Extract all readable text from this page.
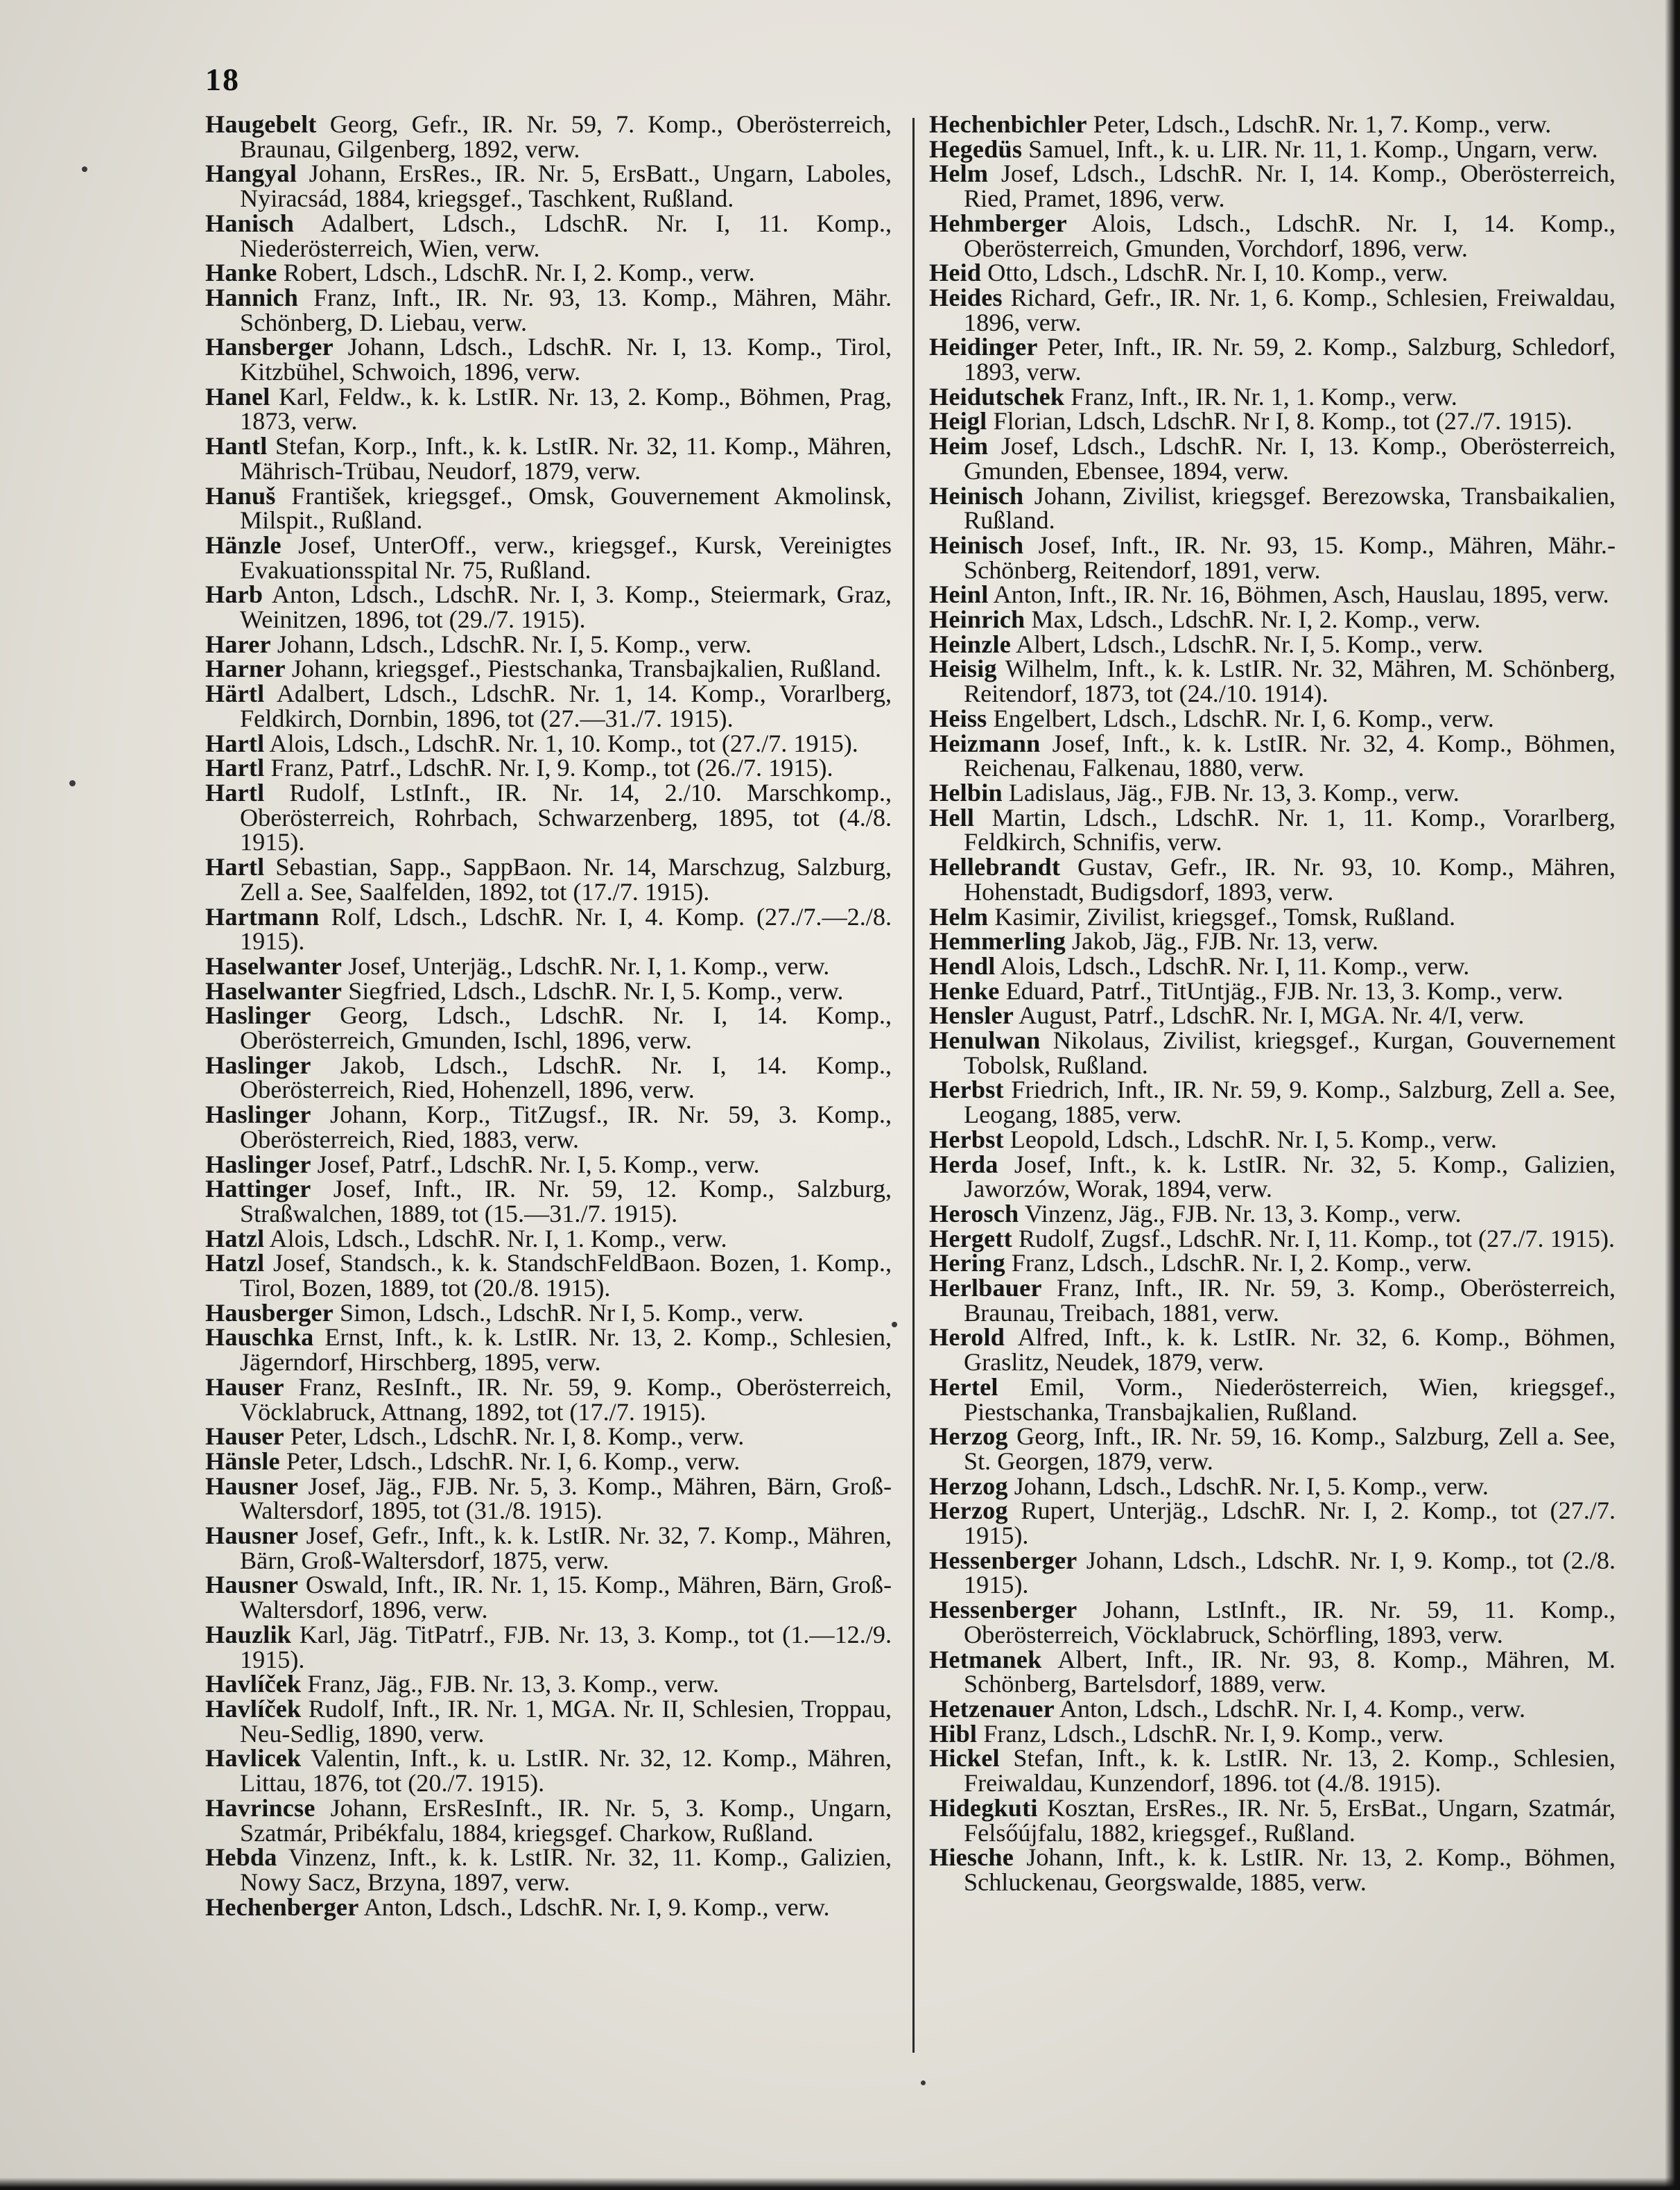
18

Haugebelt Georg, Gefr., IR. Nr. 59, 7. Komp., Oberösterreich, Braunau, Gilgenberg, 1892, verw.

Hangyal Johann, ErsRes., IR. Nr. 5, ErsBatt., Ungarn, Laboles, Nyiracsád, 1884, kriegsgef., Taschkent, Rußland.

Hanisch Adalbert, Ldsch., LdschR. Nr. I, 11. Komp., Niederösterreich, Wien, verw.

Hanke Robert, Ldsch., LdschR. Nr. I, 2. Komp., verw.

Hannich Franz, Inft., IR. Nr. 93, 13. Komp., Mähren, Mähr. Schönberg, D. Liebau, verw.

Hansberger Johann, Ldsch., LdschR. Nr. I, 13. Komp., Tirol, Kitzbühel, Schwoich, 1896, verw.

Hanel Karl, Feldw., k. k. LstIR. Nr. 13, 2. Komp., Böhmen, Prag, 1873, verw.

Hantl Stefan, Korp., Inft., k. k. LstIR. Nr. 32, 11. Komp., Mähren, Mährisch-Trübau, Neudorf, 1879, verw.

Hanuš František, kriegsgef., Omsk, Gouvernement Akmolinsk, Milspit., Rußland.

Hänzle Josef, UnterOff., verw., kriegsgef., Kursk, Vereinigtes Evakuationsspital Nr. 75, Rußland.

Harb Anton, Ldsch., LdschR. Nr. I, 3. Komp., Steiermark, Graz, Weinitzen, 1896, tot (29./7. 1915).

Harer Johann, Ldsch., LdschR. Nr. I, 5. Komp., verw.

Harner Johann, kriegsgef., Piestschanka, Transbajkalien, Rußland.

Härtl Adalbert, Ldsch., LdschR. Nr. 1, 14. Komp., Vorarlberg, Feldkirch, Dornbin, 1896, tot (27.—31./7. 1915).

Hartl Alois, Ldsch., LdschR. Nr. 1, 10. Komp., tot (27./7. 1915).

Hartl Franz, Patrf., LdschR. Nr. I, 9. Komp., tot (26./7. 1915).

Hartl Rudolf, LstInft., IR. Nr. 14, 2./10. Marschkomp., Oberösterreich, Rohrbach, Schwarzenberg, 1895, tot (4./8. 1915).

Hartl Sebastian, Sapp., SappBaon. Nr. 14, Marschzug, Salzburg, Zell a. See, Saalfelden, 1892, tot (17./7. 1915).

Hartmann Rolf, Ldsch., LdschR. Nr. I, 4. Komp. (27./7.—2./8. 1915).

Haselwanter Josef, Unterjäg., LdschR. Nr. I, 1. Komp., verw.

Haselwanter Siegfried, Ldsch., LdschR. Nr. I, 5. Komp., verw.

Haslinger Georg, Ldsch., LdschR. Nr. I, 14. Komp., Oberösterreich, Gmunden, Ischl, 1896, verw.

Haslinger Jakob, Ldsch., LdschR. Nr. I, 14. Komp., Oberösterreich, Ried, Hohenzell, 1896, verw.

Haslinger Johann, Korp., TitZugsf., IR. Nr. 59, 3. Komp., Oberösterreich, Ried, 1883, verw.

Haslinger Josef, Patrf., LdschR. Nr. I, 5. Komp., verw.

Hattinger Josef, Inft., IR. Nr. 59, 12. Komp., Salzburg, Straßwalchen, 1889, tot (15.—31./7. 1915).

Hatzl Alois, Ldsch., LdschR. Nr. I, 1. Komp., verw.

Hatzl Josef, Standsch., k. k. StandschFeldBaon. Bozen, 1. Komp., Tirol, Bozen, 1889, tot (20./8. 1915).

Hausberger Simon, Ldsch., LdschR. Nr I, 5. Komp., verw.

Hauschka Ernst, Inft., k. k. LstIR. Nr. 13, 2. Komp., Schlesien, Jägerndorf, Hirschberg, 1895, verw.

Hauser Franz, ResInft., IR. Nr. 59, 9. Komp., Oberösterreich, Vöcklabruck, Attnang, 1892, tot (17./7. 1915).

Hauser Peter, Ldsch., LdschR. Nr. I, 8. Komp., verw.

Hänsle Peter, Ldsch., LdschR. Nr. I, 6. Komp., verw.

Hausner Josef, Jäg., FJB. Nr. 5, 3. Komp., Mähren, Bärn, Groß-Waltersdorf, 1895, tot (31./8. 1915).

Hausner Josef, Gefr., Inft., k. k. LstIR. Nr. 32, 7. Komp., Mähren, Bärn, Groß-Waltersdorf, 1875, verw.

Hausner Oswald, Inft., IR. Nr. 1, 15. Komp., Mähren, Bärn, Groß-Waltersdorf, 1896, verw.

Hauzlik Karl, Jäg. TitPatrf., FJB. Nr. 13, 3. Komp., tot (1.—12./9. 1915).

Havlíček Franz, Jäg., FJB. Nr. 13, 3. Komp., verw.

Havlíček Rudolf, Inft., IR. Nr. 1, MGA. Nr. II, Schlesien, Troppau, Neu-Sedlig, 1890, verw.

Havlicek Valentin, Inft., k. u. LstIR. Nr. 32, 12. Komp., Mähren, Littau, 1876, tot (20./7. 1915).

Havrincse Johann, ErsResInft., IR. Nr. 5, 3. Komp., Ungarn, Szatmár, Pribékfalu, 1884, kriegsgef. Charkow, Rußland.

Hebda Vinzenz, Inft., k. k. LstIR. Nr. 32, 11. Komp., Galizien, Nowy Sacz, Brzyna, 1897, verw.

Hechenberger Anton, Ldsch., LdschR. Nr. I, 9. Komp., verw.

Hechenbichler Peter, Ldsch., LdschR. Nr. 1, 7. Komp., verw.

Hegedüs Samuel, Inft., k. u. LIR. Nr. 11, 1. Komp., Ungarn, verw.

Helm Josef, Ldsch., LdschR. Nr. I, 14. Komp., Oberösterreich, Ried, Pramet, 1896, verw.

Hehmberger Alois, Ldsch., LdschR. Nr. I, 14. Komp., Oberösterreich, Gmunden, Vorchdorf, 1896, verw.

Heid Otto, Ldsch., LdschR. Nr. I, 10. Komp., verw.

Heides Richard, Gefr., IR. Nr. 1, 6. Komp., Schlesien, Freiwaldau, 1896, verw.

Heidinger Peter, Inft., IR. Nr. 59, 2. Komp., Salzburg, Schledorf, 1893, verw.

Heidutschek Franz, Inft., IR. Nr. 1, 1. Komp., verw.

Heigl Florian, Ldsch, LdschR. Nr I, 8. Komp., tot (27./7. 1915).

Heim Josef, Ldsch., LdschR. Nr. I, 13. Komp., Oberösterreich, Gmunden, Ebensee, 1894, verw.

Heinisch Johann, Zivilist, kriegsgef. Berezowska, Transbaikalien, Rußland.

Heinisch Josef, Inft., IR. Nr. 93, 15. Komp., Mähren, Mähr.-Schönberg, Reitendorf, 1891, verw.

Heinl Anton, Inft., IR. Nr. 16, Böhmen, Asch, Hauslau, 1895, verw.

Heinrich Max, Ldsch., LdschR. Nr. I, 2. Komp., verw.

Heinzle Albert, Ldsch., LdschR. Nr. I, 5. Komp., verw.

Heisig Wilhelm, Inft., k. k. LstIR. Nr. 32, Mähren, M. Schönberg, Reitendorf, 1873, tot (24./10. 1914).

Heiss Engelbert, Ldsch., LdschR. Nr. I, 6. Komp., verw.

Heizmann Josef, Inft., k. k. LstIR. Nr. 32, 4. Komp., Böhmen, Reichenau, Falkenau, 1880, verw.

Helbin Ladislaus, Jäg., FJB. Nr. 13, 3. Komp., verw.

Hell Martin, Ldsch., LdschR. Nr. 1, 11. Komp., Vorarlberg, Feldkirch, Schnifis, verw.

Hellebrandt Gustav, Gefr., IR. Nr. 93, 10. Komp., Mähren, Hohenstadt, Budigsdorf, 1893, verw.

Helm Kasimir, Zivilist, kriegsgef., Tomsk, Rußland.

Hemmerling Jakob, Jäg., FJB. Nr. 13, verw.

Hendl Alois, Ldsch., LdschR. Nr. I, 11. Komp., verw.

Henke Eduard, Patrf., TitUntjäg., FJB. Nr. 13, 3. Komp., verw.

Hensler August, Patrf., LdschR. Nr. I, MGA. Nr. 4/I, verw.

Henulwan Nikolaus, Zivilist, kriegsgef., Kurgan, Gouvernement Tobolsk, Rußland.

Herbst Friedrich, Inft., IR. Nr. 59, 9. Komp., Salzburg, Zell a. See, Leogang, 1885, verw.

Herbst Leopold, Ldsch., LdschR. Nr. I, 5. Komp., verw.

Herda Josef, Inft., k. k. LstIR. Nr. 32, 5. Komp., Galizien, Jaworzów, Worak, 1894, verw.

Herosch Vinzenz, Jäg., FJB. Nr. 13, 3. Komp., verw.

Hergett Rudolf, Zugsf., LdschR. Nr. I, 11. Komp., tot (27./7. 1915).

Hering Franz, Ldsch., LdschR. Nr. I, 2. Komp., verw.

Herlbauer Franz, Inft., IR. Nr. 59, 3. Komp., Oberösterreich, Braunau, Treibach, 1881, verw.

Herold Alfred, Inft., k. k. LstIR. Nr. 32, 6. Komp., Böhmen, Graslitz, Neudek, 1879, verw.

Hertel Emil, Vorm., Niederösterreich, Wien, kriegsgef., Piestschanka, Transbajkalien, Rußland.

Herzog Georg, Inft., IR. Nr. 59, 16. Komp., Salzburg, Zell a. See, St. Georgen, 1879, verw.

Herzog Johann, Ldsch., LdschR. Nr. I, 5. Komp., verw.

Herzog Rupert, Unterjäg., LdschR. Nr. I, 2. Komp., tot (27./7. 1915).

Hessenberger Johann, Ldsch., LdschR. Nr. I, 9. Komp., tot (2./8. 1915).

Hessenberger Johann, LstInft., IR. Nr. 59, 11. Komp., Oberösterreich, Vöcklabruck, Schörfling, 1893, verw.

Hetmanek Albert, Inft., IR. Nr. 93, 8. Komp., Mähren, M. Schönberg, Bartelsdorf, 1889, verw.

Hetzenauer Anton, Ldsch., LdschR. Nr. I, 4. Komp., verw.

Hibl Franz, Ldsch., LdschR. Nr. I, 9. Komp., verw.

Hickel Stefan, Inft., k. k. LstIR. Nr. 13, 2. Komp., Schlesien, Freiwaldau, Kunzendorf, 1896. tot (4./8. 1915).

Hidegkuti Kosztan, ErsRes., IR. Nr. 5, ErsBat., Ungarn, Szatmár, Felsőújfalu, 1882, kriegsgef., Rußland.

Hiesche Johann, Inft., k. k. LstIR. Nr. 13, 2. Komp., Böhmen, Schluckenau, Georgswalde, 1885, verw.
